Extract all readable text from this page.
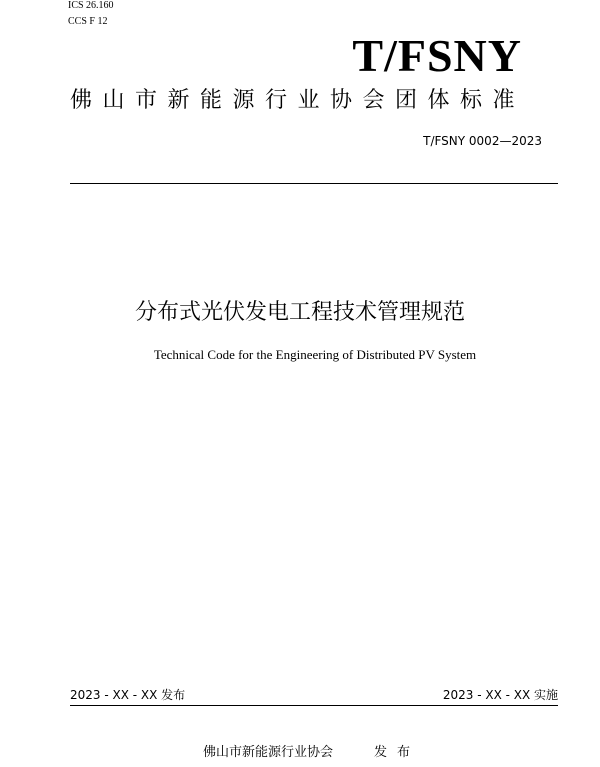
ICS 26.160
CCS F 12
T/FSNY
佛山市新能源行业协会团体标准
T/FSNY 0002—2023
分布式光伏发电工程技术管理规范
Technical Code for the Engineering of Distributed PV System
2023 - XX - XX 发布	2023 - XX - XX 实施
佛山市新能源行业协会	发布
